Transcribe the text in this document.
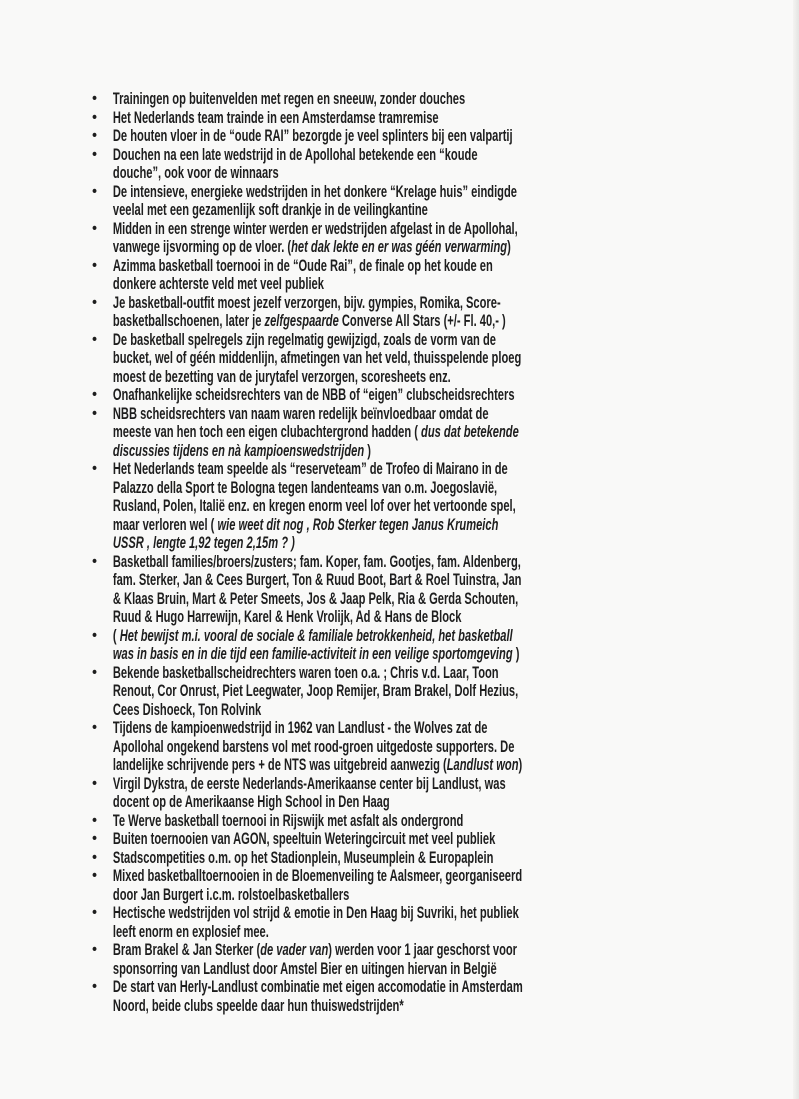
• Trainingen op buitenvelden met regen en sneeuw, zonder douches
• Het Nederlands team trainde in een Amsterdamse tramremise
• De houten vloer in de “oude RAI” bezorgde je veel splinters bij een valpartij
• Douchen na een late wedstrijd in de Apollohal betekende een “koude
douche”, ook voor de winnaars
• De intensieve, energieke wedstrijden in het donkere “Krelage huis” eindigde
veelal met een gezamenlijk soft drankje in de veilingkantine
• Midden in een strenge winter werden er wedstrijden afgelast in de Apollohal,
vanwege ijsvorming op de vloer. (het dak lekte en er was géén verwarming)
• Azimma basketball toernooi in de “Oude Rai”, de finale op het koude en
donkere achterste veld met veel publiek
• Je basketball-outfit moest jezelf verzorgen, bijv. gympies, Romika, Score-
basketballschoenen, later je zelfgespaarde Converse All Stars (+/- Fl. 40,- )
• De basketball spelregels zijn regelmatig gewijzigd, zoals de vorm van de
bucket, wel of géén middenlijn, afmetingen van het veld, thuisspelende ploeg
moest de bezetting van de jurytafel verzorgen, scoresheets enz.
• Onafhankelijke scheidsrechters van de NBB of “eigen” clubscheidsrechters
• NBB scheidsrechters van naam waren redelijk beïnvloedbaar omdat de
meeste van hen toch een eigen clubachtergrond hadden ( dus dat betekende
discussies tijdens en nà kampioenswedstrijden )
• Het Nederlands team speelde als “reserveteam” de Trofeo di Mairano in de
Palazzo della Sport te Bologna tegen landenteams van o.m. Joegoslavië,
Rusland, Polen, Italië enz. en kregen enorm veel lof over het vertoonde spel,
maar verloren wel ( wie weet dit nog , Rob Sterker tegen Janus Krumeich
USSR , lengte 1,92 tegen 2,15m ? )
• Basketball families/broers/zusters; fam. Koper, fam. Gootjes, fam. Aldenberg,
fam. Sterker, Jan & Cees Burgert, Ton & Ruud Boot, Bart & Roel Tuinstra, Jan
& Klaas Bruin, Mart & Peter Smeets, Jos & Jaap Pelk, Ria & Gerda Schouten,
Ruud & Hugo Harrewijn, Karel & Henk Vrolijk, Ad & Hans de Block
• ( Het bewijst m.i. vooral de sociale & familiale betrokkenheid, het basketball
was in basis en in die tijd een familie-activiteit in een veilige sportomgeving )
• Bekende basketballscheidrechters waren toen o.a. ; Chris v.d. Laar, Toon
Renout, Cor Onrust, Piet Leegwater, Joop Remijer, Bram Brakel, Dolf Hezius,
Cees Dishoeck, Ton Rolvink
• Tijdens de kampioenwedstrijd in 1962 van Landlust - the Wolves zat de
Apollohal ongekend barstens vol met rood-groen uitgedoste supporters. De
landelijke schrijvende pers + de NTS was uitgebreid aanwezig (Landlust won)
• Virgil Dykstra, de eerste Nederlands-Amerikaanse center bij Landlust, was
docent op de Amerikaanse High School in Den Haag
• Te Werve basketball toernooi in Rijswijk met asfalt als ondergrond
• Buiten toernooien van AGON, speeltuin Weteringcircuit met veel publiek
• Stadscompetities o.m. op het Stadionplein, Museumplein & Europaplein
• Mixed basketballtoernooien in de Bloemenveiling te Aalsmeer, georganiseerd
door Jan Burgert i.c.m. rolstoelbasketballers
• Hectische wedstrijden vol strijd & emotie in Den Haag bij Suvriki, het publiek
leeft enorm en explosief mee.
• Bram Brakel & Jan Sterker (de vader van) werden voor 1 jaar geschorst voor
sponsorring van Landlust door Amstel Bier en uitingen hiervan in België
• De start van Herly-Landlust combinatie met eigen accomodatie in Amsterdam
Noord, beide clubs speelde daar hun thuiswedstrijden*
